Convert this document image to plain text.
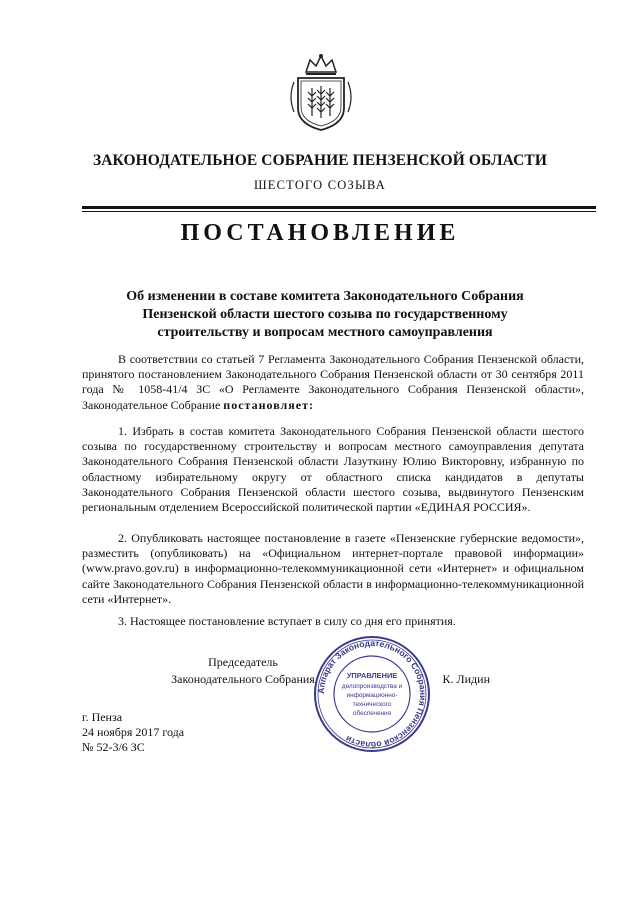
ЗАКОНОДАТЕЛЬНОЕ СОБРАНИЕ ПЕНЗЕНСКОЙ ОБЛАСТИ
ШЕСТОГО СОЗЫВА
ПОСТАНОВЛЕНИЕ
Об изменении в составе комитета Законодательного Собрания
Пензенской области шестого созыва по государственному
строительству и вопросам местного самоуправления

В соответствии со статьей 7 Регламента Законодательного Собрания Пензенской области, принятого постановлением Законодательного Собрания Пензенской области от 30 сентября 2011 года № 1058-41/4 ЗС «О Регламенте Законодательного Собрания Пензенской области», Законодательное Собрание постановляет:

1. Избрать в состав комитета Законодательного Собрания Пензенской области шестого созыва по государственному строительству и вопросам местного самоуправления депутата Законодательного Собрания Пензенской области Лазуткину Юлию Викторовну, избранную по областному избирательному округу от областного списка кандидатов в депутаты Законодательного Собрания Пензенской области шестого созыва, выдвинутого Пензенским региональным отделением Всероссийской политической партии «ЕДИНАЯ РОССИЯ».

2. Опубликовать настоящее постановление в газете «Пензенские губернские ведомости», разместить (опубликовать) на «Официальном интернет-портале правовой информации» (www.pravo.gov.ru) в информационно-телекоммуникационной сети «Интернет» и официальном сайте Законодательного Собрания Пензенской области в информационно-телекоммуникационной сети «Интернет».

3. Настоящее постановление вступает в силу со дня его принятия.

Председатель
Законодательного Собрания	К. Лидин
Аппарат Законодательного Собрания Пензенской области
УПРАВЛЕНИЕ
делопроизводства и
информационно-
технического
обеспечения
г. Пенза
24 ноября 2017 года
№ 52-3/6 ЗС
